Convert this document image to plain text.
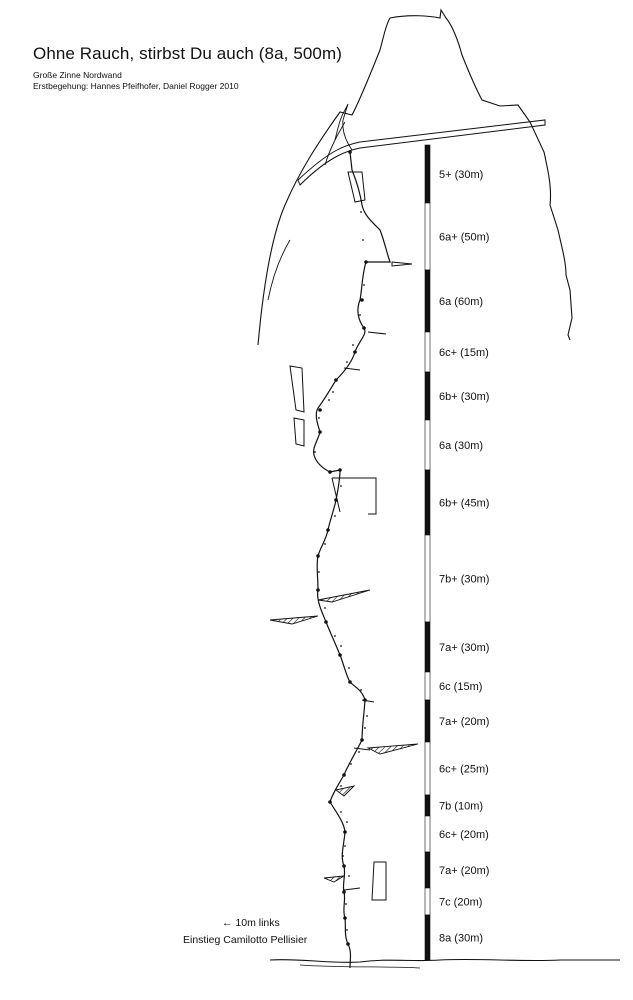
Ohne Rauch, stirbst Du auch (8a, 500m)
Große Zinne Nordwand
Erstbegehung: Hannes Pfeifhofer, Daniel Rogger 2010
← 10m links
Einstieg Camilotto Pellisier
5+ (30m)
6a+ (50m)
6a (60m)
6c+ (15m)
6b+ (30m)
6a (30m)
6b+ (45m)
7b+ (30m)
7a+ (30m)
6c (15m)
7a+ (20m)
6c+ (25m)
7b (10m)
6c+ (20m)
7a+ (20m)
7c (20m)
8a (30m)
